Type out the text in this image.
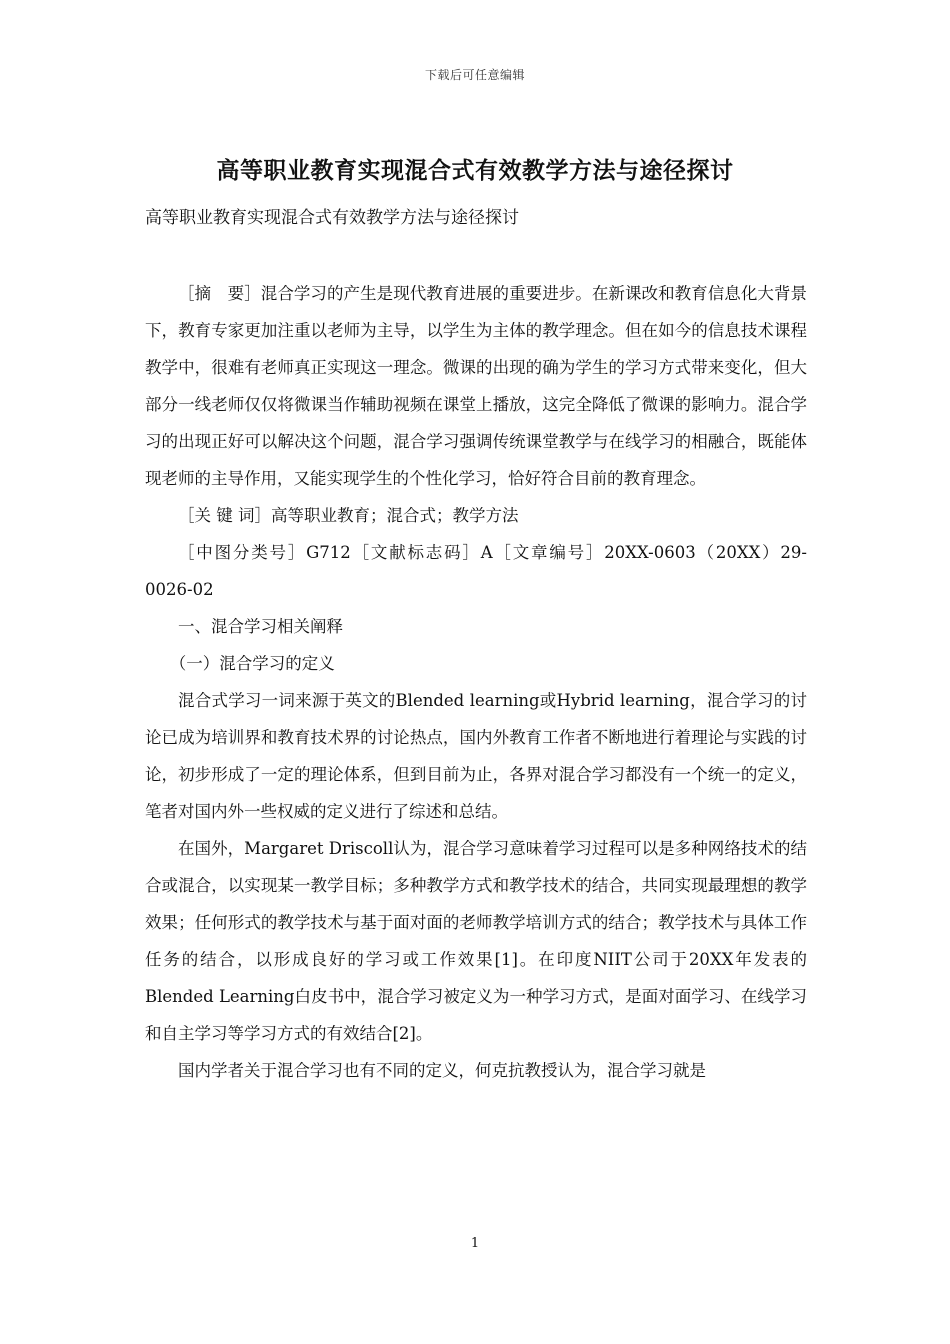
下载后可任意编辑
高等职业教育实现混合式有效教学方法与途径探讨
高等职业教育实现混合式有效教学方法与途径探讨

［摘　要］混合学习的产生是现代教育进展的重要进步。在新课改和教育信息化大背景下，教育专家更加注重以老师为主导，以学生为主体的教学理念。但在如今的信息技术课程教学中，很难有老师真正实现这一理念。微课的出现的确为学生的学习方式带来变化，但大部分一线老师仅仅将微课当作辅助视频在课堂上播放，这完全降低了微课的影响力。混合学习的出现正好可以解决这个问题，混合学习强调传统课堂教学与在线学习的相融合，既能体现老师的主导作用，又能实现学生的个性化学习，恰好符合目前的教育理念。

［关 键 词］高等职业教育；混合式；教学方法

［中图分类号］G712［文献标志码］A［文章编号］20XX-0603（20XX）29-0026-02

一、混合学习相关阐释

（一）混合学习的定义

混合式学习一词来源于英文的Blended learning或Hybrid learning，混合学习的讨论已成为培训界和教育技术界的讨论热点，国内外教育工作者不断地进行着理论与实践的讨论，初步形成了一定的理论体系，但到目前为止，各界对混合学习都没有一个统一的定义，笔者对国内外一些权威的定义进行了综述和总结。

在国外，Margaret Driscoll认为，混合学习意味着学习过程可以是多种网络技术的结合或混合，以实现某一教学目标；多种教学方式和教学技术的结合，共同实现最理想的教学效果；任何形式的教学技术与基于面对面的老师教学培训方式的结合；教学技术与具体工作任务的结合，以形成良好的学习或工作效果[1]。在印度NIIT公司于20XX年发表的Blended Learning白皮书中，混合学习被定义为一种学习方式，是面对面学习、在线学习和自主学习等学习方式的有效结合[2]。

国内学者关于混合学习也有不同的定义，何克抗教授认为，混合学习就是

1
